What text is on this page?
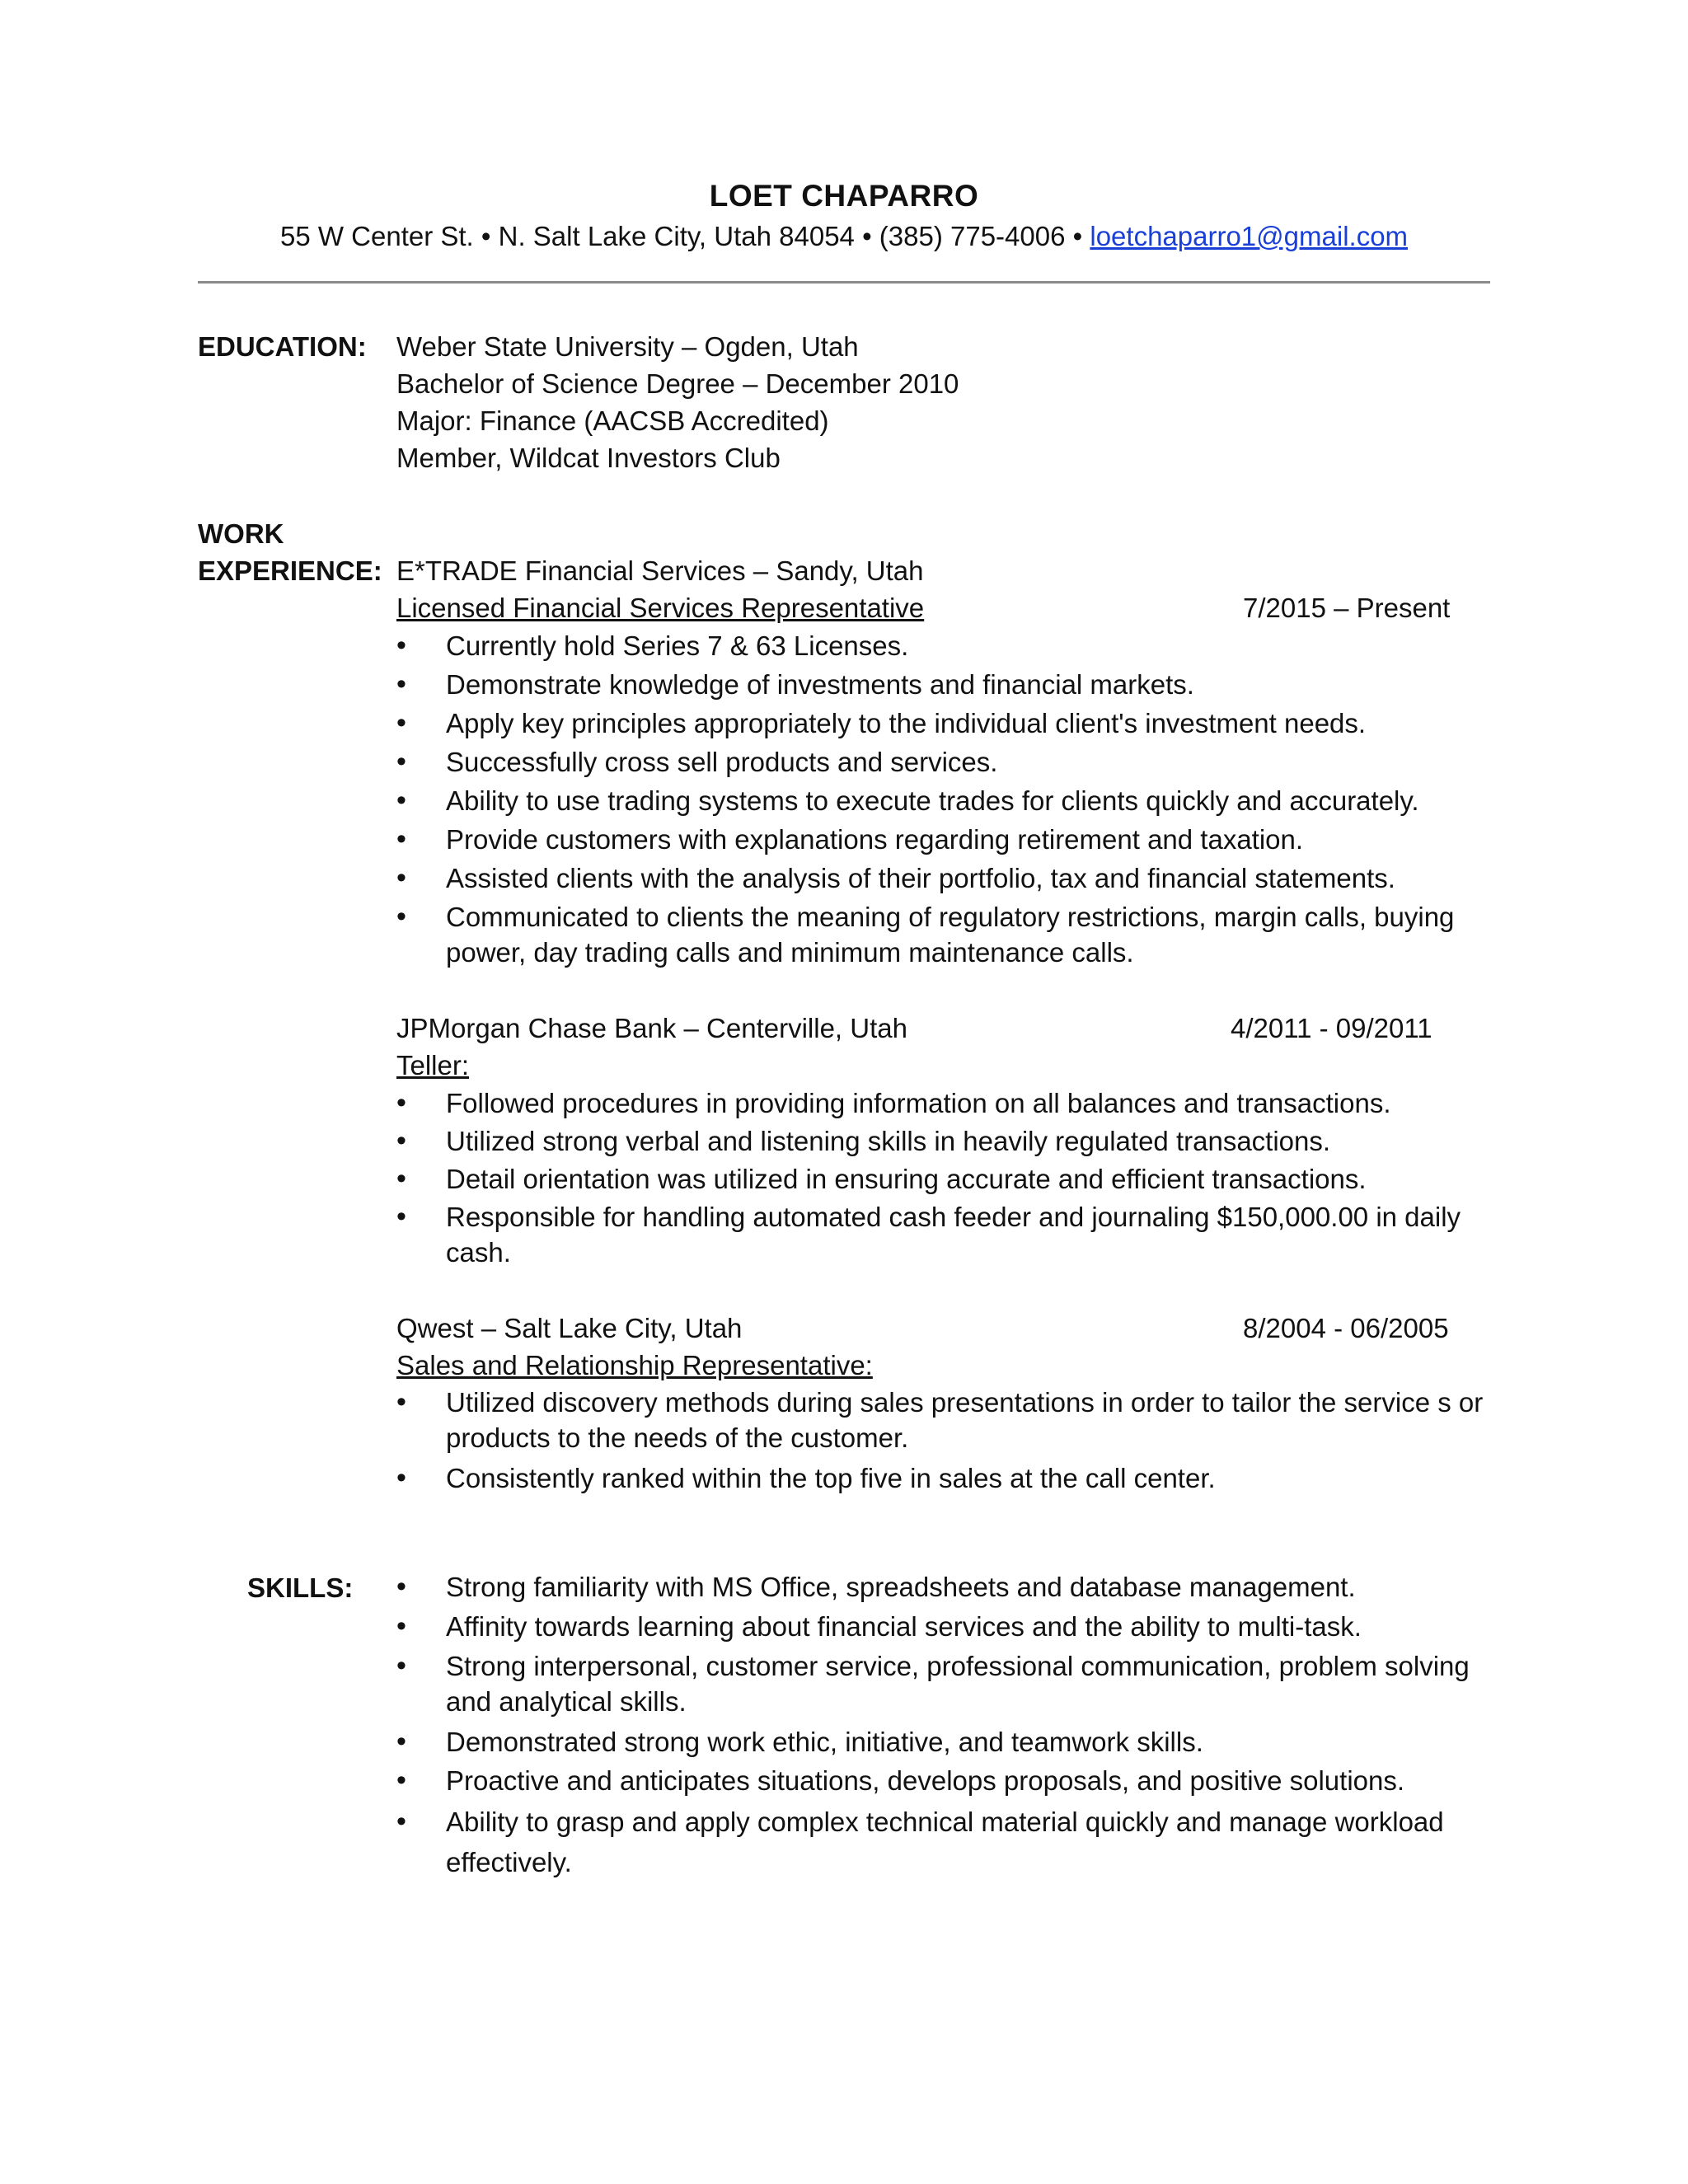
LOET CHAPARRO
55 W Center St. • N. Salt Lake City, Utah 84054 • (385) 775-4006 • loetchaparro1@gmail.com
EDUCATION: Weber State University – Ogden, Utah
Bachelor of Science Degree – December 2010
Major: Finance (AACSB Accredited)
Member, Wildcat Investors Club
WORK
EXPERIENCE: E*TRADE Financial Services – Sandy, Utah
Licensed Financial Services Representative	7/2015 – Present
• Currently hold Series 7 & 63 Licenses.
• Demonstrate knowledge of investments and financial markets.
• Apply key principles appropriately to the individual client's investment needs.
• Successfully cross sell products and services.
• Ability to use trading systems to execute trades for clients quickly and accurately.
• Provide customers with explanations regarding retirement and taxation.
• Assisted clients with the analysis of their portfolio, tax and financial statements.
• Communicated to clients the meaning of regulatory restrictions, margin calls, buying power, day trading calls and minimum maintenance calls.
JPMorgan Chase Bank – Centerville, Utah	4/2011 - 09/2011
Teller:
• Followed procedures in providing information on all balances and transactions.
• Utilized strong verbal and listening skills in heavily regulated transactions.
• Detail orientation was utilized in ensuring accurate and efficient transactions.
• Responsible for handling automated cash feeder and journaling $150,000.00 in daily cash.
Qwest – Salt Lake City, Utah	8/2004 - 06/2005
Sales and Relationship Representative:
• Utilized discovery methods during sales presentations in order to tailor the service s or products to the needs of the customer.
• Consistently ranked within the top five in sales at the call center.
SKILLS: • Strong familiarity with MS Office, spreadsheets and database management.
• Affinity towards learning about financial services and the ability to multi-task.
• Strong interpersonal, customer service, professional communication, problem solving and analytical skills.
• Demonstrated strong work ethic, initiative, and teamwork skills.
• Proactive and anticipates situations, develops proposals, and positive solutions.
• Ability to grasp and apply complex technical material quickly and manage workload effectively.
